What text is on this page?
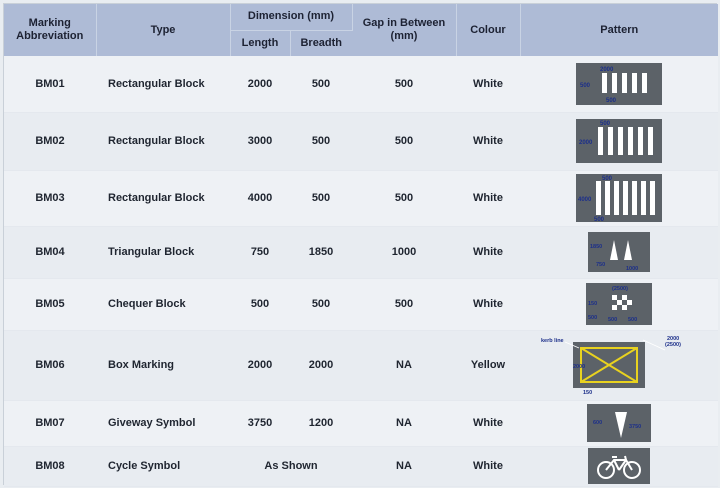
Marking Abbreviation	Type	Dimension (mm)		Gap in Between (mm)	Colour	Pattern
		Length	Breadth			
BM01	Rectangular Block	2000	500	500	White	2000
500
500

BM02	Rectangular Block	3000	500	500	White	500
2000

BM03	Rectangular Block	4000	500	500	White	500
4000
500

BM04	Triangular Block	750	1850	1000	White	1850
750
1000

BM05	Chequer Block	500	500	500	White	(2500)
150
500 500 500

BM06	Box Marking	2000	2000	NA	Yellow	kerb line 2000
(2500)
2000
150

BM07	Giveway Symbol	3750	1200	NA	White	600
3750

BM08	Cycle Symbol	As Shown		NA	White	
